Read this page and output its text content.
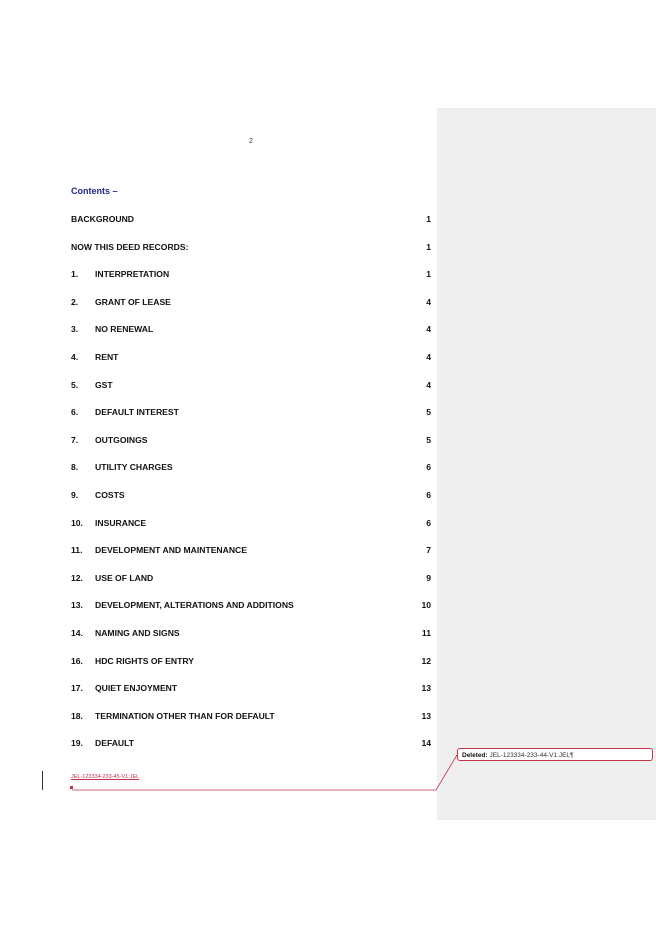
2
Contents –
BACKGROUND	1
NOW THIS DEED RECORDS:	1
1. INTERPRETATION	1
2. GRANT OF LEASE	4
3. NO RENEWAL	4
4. RENT	4
5. GST	4
6. DEFAULT INTEREST	5
7. OUTGOINGS	5
8. UTILITY CHARGES	6
9. COSTS	6
10. INSURANCE	6
11. DEVELOPMENT AND MAINTENANCE	7
12. USE OF LAND	9
13. DEVELOPMENT, ALTERATIONS AND ADDITIONS	10
14. NAMING AND SIGNS	11
16. HDC RIGHTS OF ENTRY	12
17. QUIET ENJOYMENT	13
18. TERMINATION OTHER THAN FOR DEFAULT	13
19. DEFAULT	14
JEL-123334-233-45-V1:JEL
Deleted: JEL-123334-233-44-V1:JEL¶
